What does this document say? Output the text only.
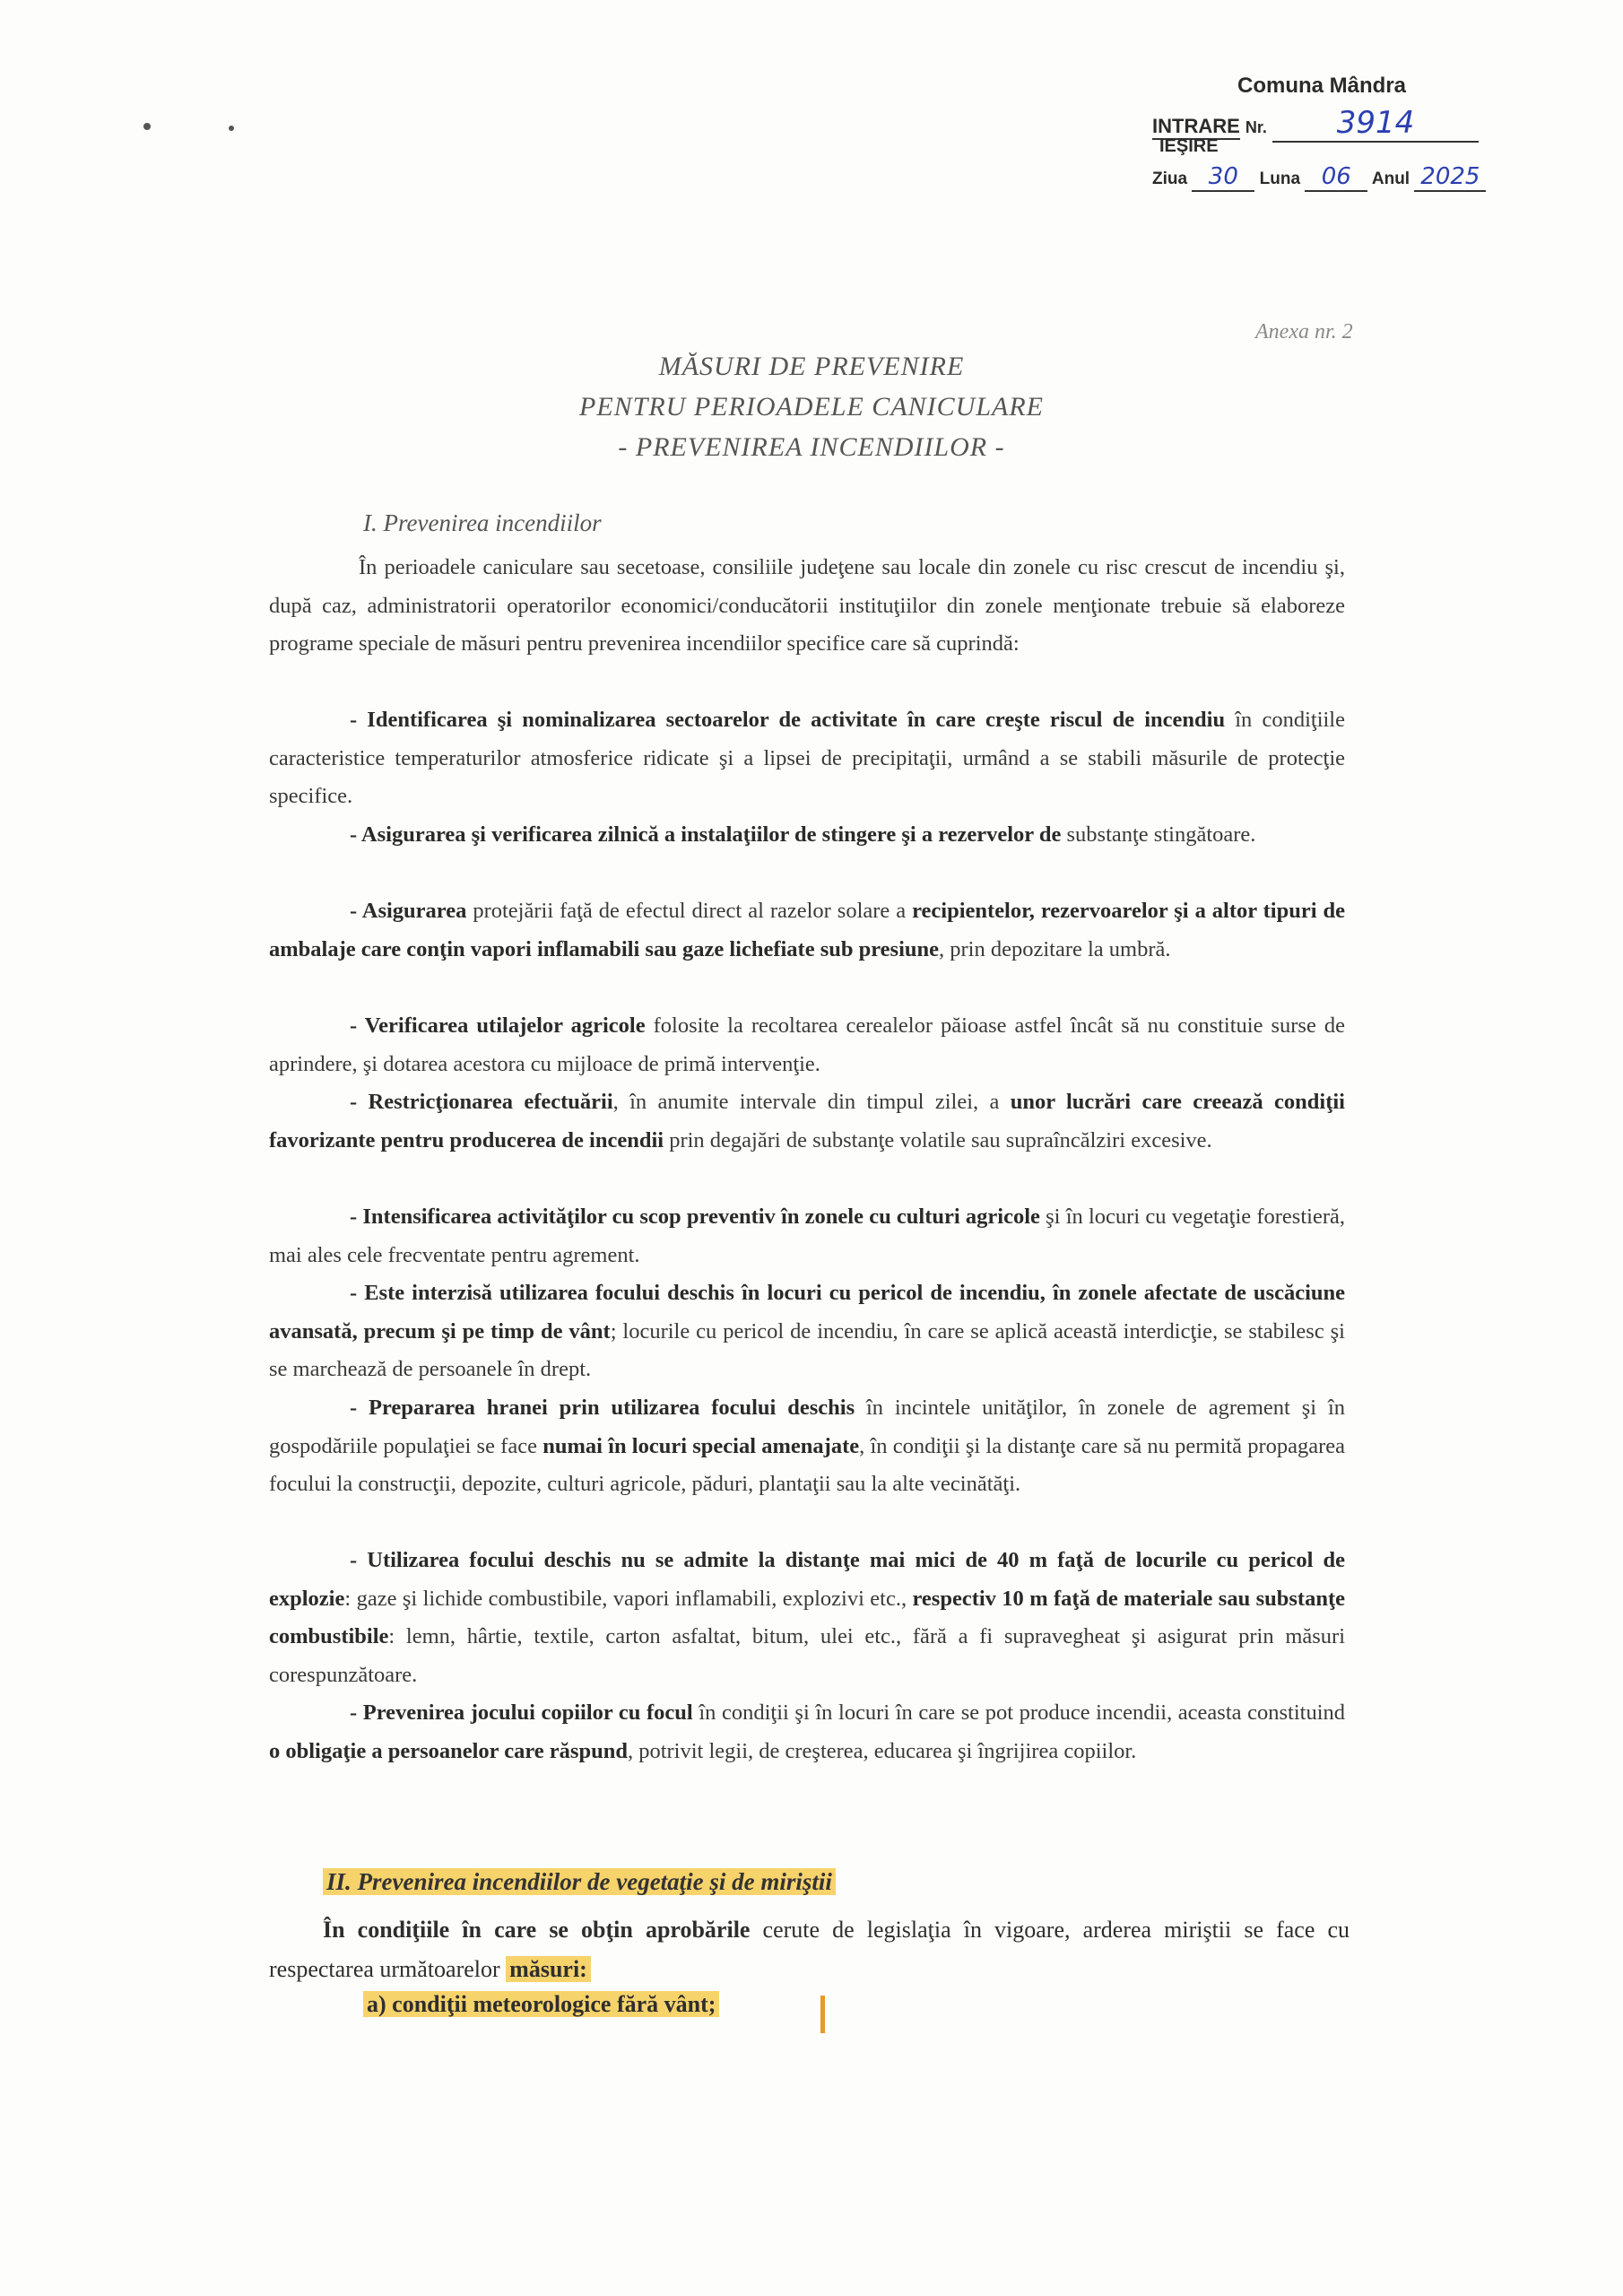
Comuna Mândra
INTRARE Nr. 3914
IEŞIRE
Ziua 30 Luna 06 Anul 2025
Anexa nr. 2
MĂSURI DE PREVENIRE
PENTRU PERIOADELE CANICULARE
- PREVENIREA INCENDIILOR -
I. Prevenirea incendiilor
În perioadele caniculare sau secetoase, consiliile judeţene sau locale din zonele cu risc crescut de incendiu şi, după caz, administratorii operatorilor economici/conducătorii instituţiilor din zonele menţionate trebuie să elaboreze programe speciale de măsuri pentru prevenirea incendiilor specifice care să cuprindă:
- Identificarea şi nominalizarea sectoarelor de activitate în care creşte riscul de incendiu în condiţiile caracteristice temperaturilor atmosferice ridicate şi a lipsei de precipitaţii, urmând a se stabili măsurile de protecţie specifice.
- Asigurarea şi verificarea zilnică a instalaţiilor de stingere şi a rezervelor de substanţe stingătoare.
- Asigurarea protejării faţă de efectul direct al razelor solare a recipientelor, rezervoarelor şi a altor tipuri de ambalaje care conţin vapori inflamabili sau gaze lichefiate sub presiune, prin depozitare la umbră.
- Verificarea utilajelor agricole folosite la recoltarea cerealelor păioase astfel încât să nu constituie surse de aprindere, şi dotarea acestora cu mijloace de primă intervenţie.
- Restricţionarea efectuării, în anumite intervale din timpul zilei, a unor lucrări care creează condiţii favorizante pentru producerea de incendii prin degajări de substanţe volatile sau supraîncălziri excesive.
- Intensificarea activităţilor cu scop preventiv în zonele cu culturi agricole şi în locuri cu vegetaţie forestieră, mai ales cele frecventate pentru agrement.
- Este interzisă utilizarea focului deschis în locuri cu pericol de incendiu, în zonele afectate de uscăciune avansată, precum şi pe timp de vânt; locurile cu pericol de incendiu, în care se aplică această interdicţie, se stabilesc şi se marchează de persoanele în drept.
- Prepararea hranei prin utilizarea focului deschis în incintele unităţilor, în zonele de agrement şi în gospodăriile populaţiei se face numai în locuri special amenajate, în condiţii şi la distanţe care să nu permită propagarea focului la construcţii, depozite, culturi agricole, păduri, plantaţii sau la alte vecinătăţi.
- Utilizarea focului deschis nu se admite la distanţe mai mici de 40 m faţă de locurile cu pericol de explozie: gaze şi lichide combustibile, vapori inflamabili, explozivi etc., respectiv 10 m faţă de materiale sau substanţe combustibile: lemn, hârtie, textile, carton asfaltat, bitum, ulei etc., fără a fi supravegheat şi asigurat prin măsuri corespunzătoare.
- Prevenirea jocului copiilor cu focul în condiţii şi în locuri în care se pot produce incendii, aceasta constituind o obligaţie a persoanelor care răspund, potrivit legii, de creşterea, educarea şi îngrijirea copiilor.
II. Prevenirea incendiilor de vegetaţie şi de miriştii
În condiţiile în care se obţin aprobările cerute de legislaţia în vigoare, arderea miriştii se face cu respectarea următoarelor măsuri:
a) condiţii meteorologice fără vânt;
